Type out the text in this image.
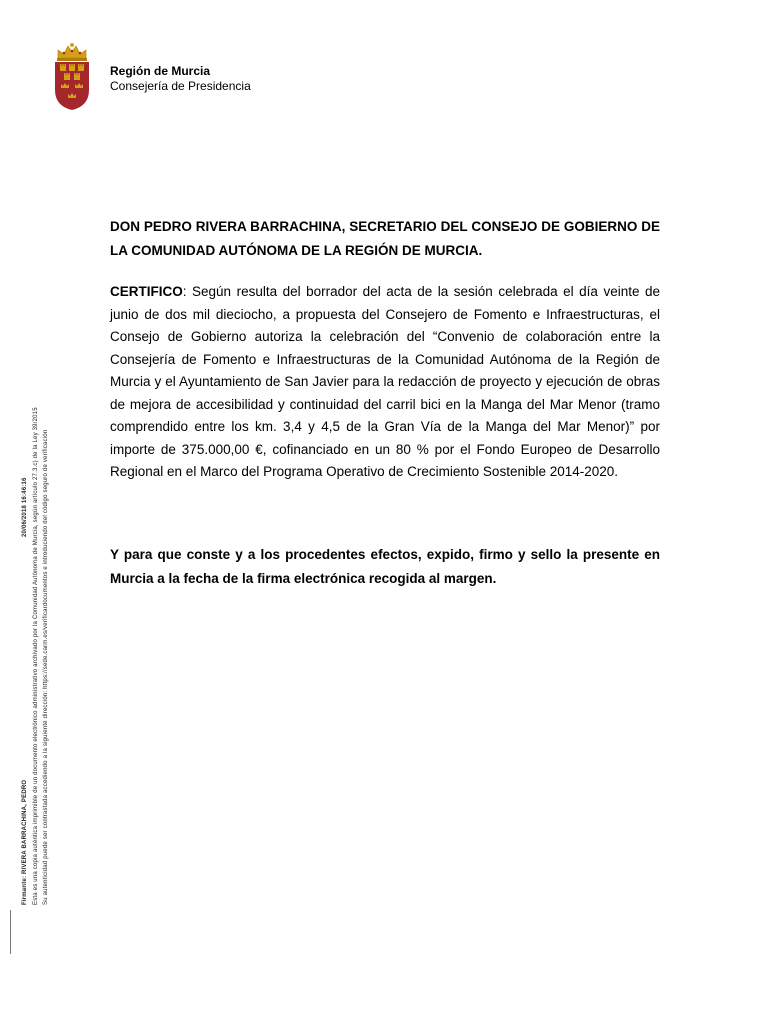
Región de Murcia
Consejería de Presidencia
DON PEDRO RIVERA BARRACHINA, SECRETARIO DEL CONSEJO DE GOBIERNO DE LA COMUNIDAD AUTÓNOMA DE LA REGIÓN DE MURCIA.
CERTIFICO: Según resulta del borrador del acta de la sesión celebrada el día veinte de junio de dos mil dieciocho, a propuesta del Consejero de Fomento e Infraestructuras, el Consejo de Gobierno autoriza la celebración del “Convenio de colaboración entre la Consejería de Fomento e Infraestructuras de la Comunidad Autónoma de la Región de Murcia y el Ayuntamiento de San Javier para la redacción de proyecto y ejecución de obras de mejora de accesibilidad y continuidad del carril bici en la Manga del Mar Menor (tramo comprendido entre los km. 3,4 y 4,5 de la Gran Vía de la Manga del Mar Menor)” por importe de 375.000,00 €, cofinanciado en un 80 % por el Fondo Europeo de Desarrollo Regional en el Marco del Programa Operativo de Crecimiento Sostenible 2014-2020.
Y para que conste y a los procedentes efectos, expido, firmo y sello la presente en Murcia a la fecha de la firma electrónica recogida al margen.
Firmante: RIVERA BARRACHINA, PEDRO
20/06/2018 16:46:16 Esta es una copia auténtica imprimible de un documento electrónico administrativo archivado por la Comunidad Autónoma de Murcia, según artículo 27.3.c) de la Ley 39/2015 Su autenticidad puede ser contrastada accediendo a la siguiente dirección: https://sede.carm.es/verificardocumentos e introduciendo del código seguro de verificación
